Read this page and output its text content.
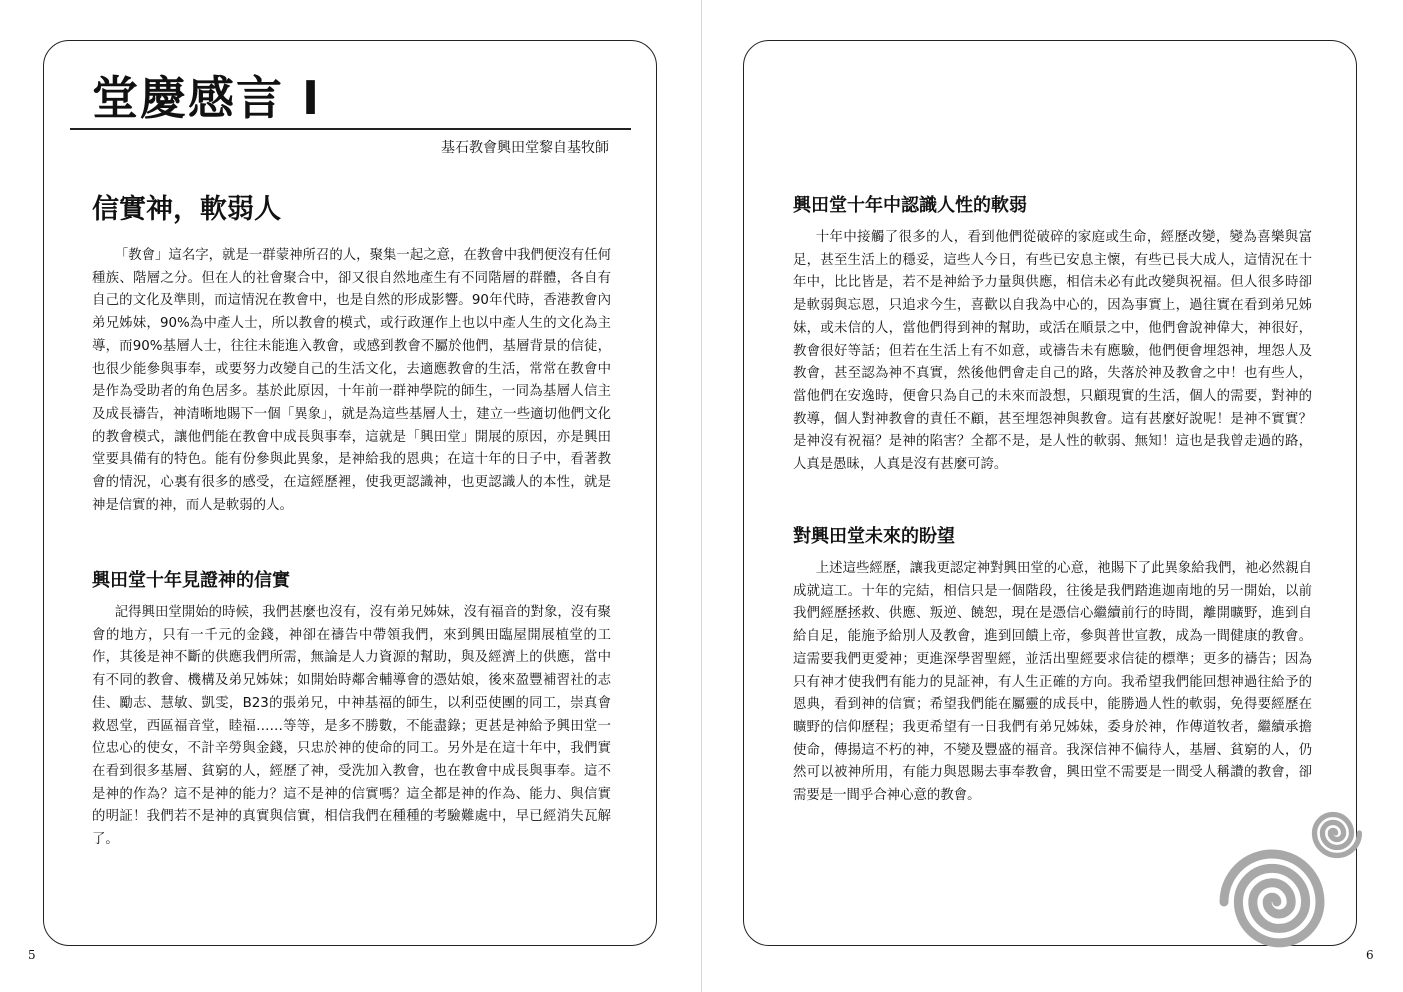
堂慶感言 I
基石教會興田堂黎自基牧師
信實神，軟弱人

「教會」這名字，就是一群蒙神所召的人，聚集一起之意，在教會中我們便沒有任何種族、階層之分。但在人的社會聚合中，卻又很自然地產生有不同階層的群體，各自有自己的文化及準則，而這情況在教會中，也是自然的形成影響。90年代時，香港教會內弟兄姊妹，90%為中產人士，所以教會的模式，或行政運作上也以中產人生的文化為主導，而90%基層人士，往往未能進入教會，或感到教會不屬於他們，基層背景的信徒，也很少能參與事奉，或要努力改變自己的生活文化，去適應教會的生活，常常在教會中是作為受助者的角色居多。基於此原因，十年前一群神學院的師生，一同為基層人信主及成長禱告，神清晰地賜下一個「異象」，就是為這些基層人士，建立一些適切他們文化的教會模式，讓他們能在教會中成長與事奉，這就是「興田堂」開展的原因，亦是興田堂要具備有的特色。能有份參與此異象，是神給我的恩典；在這十年的日子中，看著教會的情況，心裏有很多的感受，在這經歷裡，使我更認識神，也更認識人的本性，就是神是信實的神，而人是軟弱的人。

興田堂十年見證神的信實

記得興田堂開始的時候，我們甚麼也沒有，沒有弟兄姊妹，沒有福音的對象，沒有聚會的地方，只有一千元的金錢，神卻在禱告中帶領我們，來到興田臨屋開展植堂的工作，其後是神不斷的供應我們所需，無論是人力資源的幫助，與及經濟上的供應，當中有不同的教會、機構及弟兄姊妹；如開始時鄰舍輔導會的憑姑娘，後來盈豐補習社的志佳、勵志、慧敏、凱雯，B23的張弟兄，中神基福的師生，以利亞使團的同工，崇真會救恩堂，西區福音堂，睦福……等等，是多不勝數，不能盡錄；更甚是神給予興田堂一位忠心的使女，不計辛勞與金錢，只忠於神的使命的同工。另外是在這十年中，我們實在看到很多基層、貧窮的人，經歷了神，受洗加入教會，也在教會中成長與事奉。這不是神的作為？這不是神的能力？這不是神的信實嗎？這全都是神的作為、能力、與信實的明証！我們若不是神的真實與信實，相信我們在種種的考驗難處中，早已經消失瓦解了。

5
興田堂十年中認識人性的軟弱

十年中接觸了很多的人，看到他們從破碎的家庭或生命，經歷改變，變為喜樂與富足，甚至生活上的穩妥，這些人今日，有些已安息主懷，有些已長大成人，這情況在十年中，比比皆是，若不是神給予力量與供應，相信未必有此改變與祝福。但人很多時卻是軟弱與忘恩，只追求今生，喜歡以自我為中心的，因為事實上，過往實在看到弟兄姊妹，或未信的人，當他們得到神的幫助，或活在順景之中，他們會說神偉大，神很好，教會很好等話；但若在生活上有不如意，或禱告未有應驗，他們便會埋怨神，埋怨人及教會，甚至認為神不真實，然後他們會走自己的路，失落於神及教會之中！也有些人，當他們在安逸時，便會只為自己的未來而設想，只顧現實的生活，個人的需要，對神的教導，個人對神教會的責任不顧，甚至埋怨神與教會。這有甚麼好說呢！是神不實實？是神沒有祝福？是神的陷害？全都不是，是人性的軟弱、無知！這也是我曾走過的路，人真是愚昧，人真是沒有甚麼可誇。

對興田堂未來的盼望

上述這些經歷，讓我更認定神對興田堂的心意，祂賜下了此異象給我們，祂必然親自成就這工。十年的完結，相信只是一個階段，往後是我們踏進迦南地的另一開始，以前我們經歷拯救、供應、叛逆、饒恕，現在是憑信心繼續前行的時間，離開曠野，進到自給自足，能施予給別人及教會，進到回饋上帝，參與普世宣教，成為一間健康的教會。這需要我們更愛神；更進深學習聖經，並活出聖經要求信徒的標準；更多的禱告；因為只有神才使我們有能力的見証神，有人生正確的方向。我希望我們能回想神過往給予的恩典，看到神的信實；希望我們能在屬靈的成長中，能勝過人性的軟弱，免得要經歷在曠野的信仰歷程；我更希望有一日我們有弟兄姊妹，委身於神，作傳道牧者，繼續承擔使命，傳揚這不朽的神，不變及豐盛的福音。我深信神不偏待人，基層、貧窮的人，仍然可以被神所用，有能力與恩賜去事奉教會，興田堂不需要是一間受人稱讚的教會，卻需要是一間乎合神心意的教會。

6
